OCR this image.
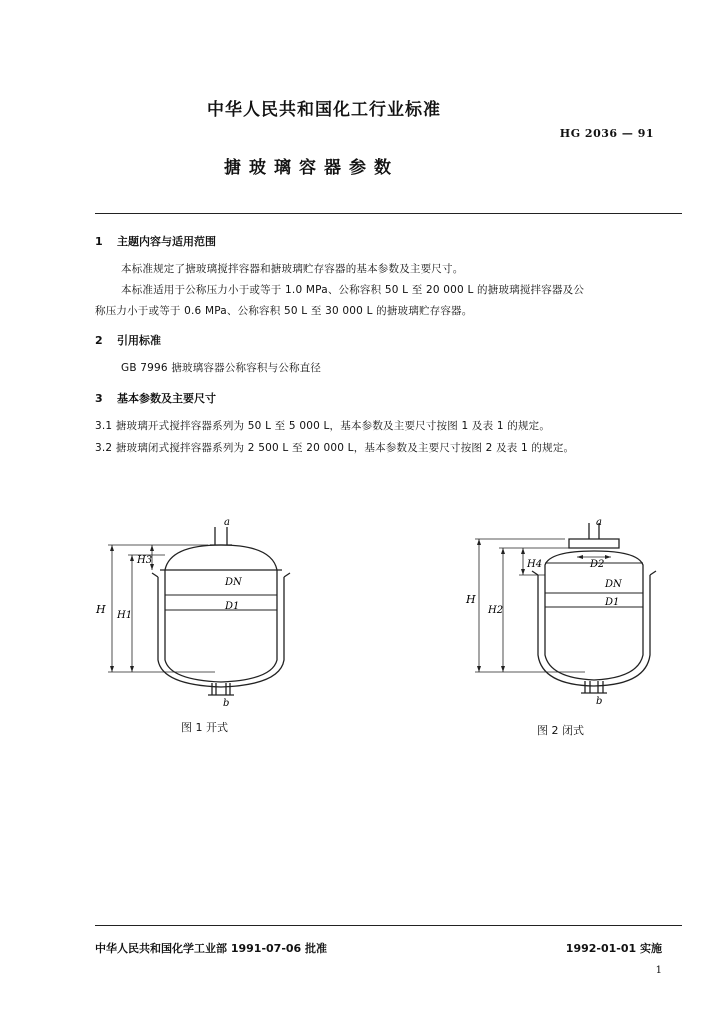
中华人民共和国化工行业标准
HG 2036 — 91
搪玻璃容器参数
1 主题内容与适用范围
本标准规定了搪玻璃搅拌容器和搪玻璃贮存容器的基本参数及主要尺寸。
本标准适用于公称压力小于或等于 1.0 MPa、公称容积 50 L 至 20 000 L 的搪玻璃搅拌容器及公
称压力小于或等于 0.6 MPa、公称容积 50 L 至 30 000 L 的搪玻璃贮存容器。
2 引用标准
GB 7996 搪玻璃容器公称容积与公称直径
3 基本参数及主要尺寸
3.1 搪玻璃开式搅拌容器系列为 50 L 至 5 000 L，基本参数及主要尺寸按图 1 及表 1 的规定。
3.2 搪玻璃闭式搅拌容器系列为 2 500 L 至 20 000 L，基本参数及主要尺寸按图 2 及表 1 的规定。
a
b
H H1
H3
DN
D1
图 1 开式
a
b
H
H2
H4	D2
DN
D1
图 2 闭式
中华人民共和国化学工业部 1991-07-06 批准	1992-01-01 实施
1
